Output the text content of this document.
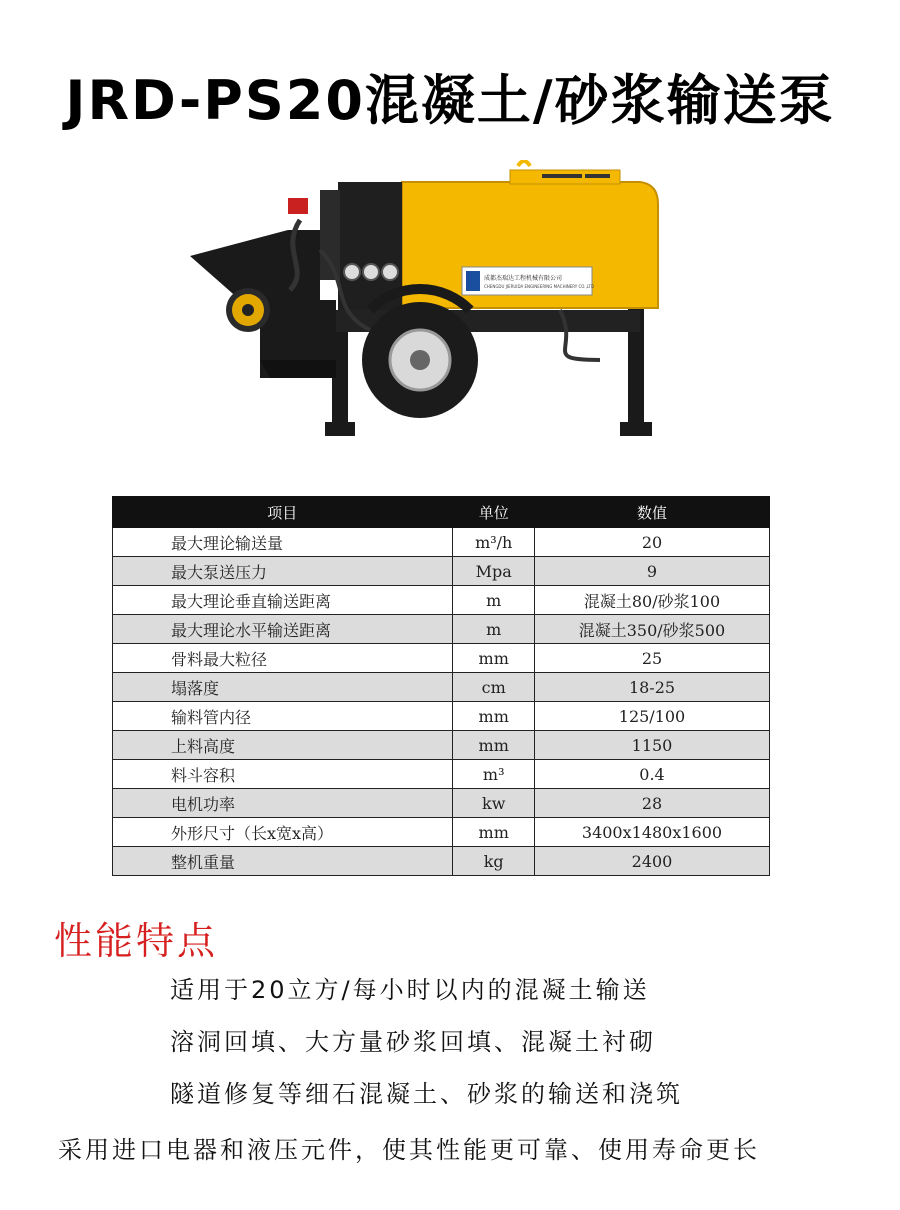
JRD-PS20混凝土/砂浆输送泵
成都杰瑞达工程机械有限公司
CHENGDU JIERUIDA ENGINEERING MACHINERY CO.,LTD
项目	单位	数值
最大理论输送量	m³/h	20
最大泵送压力	Mpa	9
最大理论垂直输送距离	m	混凝土80/砂浆100
最大理论水平输送距离	m	混凝土350/砂浆500
骨料最大粒径	mm	25
塌落度	cm	18-25
输料管内径	mm	125/100
上料高度	mm	1150
料斗容积	m³	0.4
电机功率	kw	28
外形尺寸（长x宽x高）	mm	3400x1480x1600
整机重量	kg	2400
性能特点
适用于20立方/每小时以内的混凝土输送
溶洞回填、大方量砂浆回填、混凝土衬砌
隧道修复等细石混凝土、砂浆的输送和浇筑
采用进口电器和液压元件，使其性能更可靠、使用寿命更长
